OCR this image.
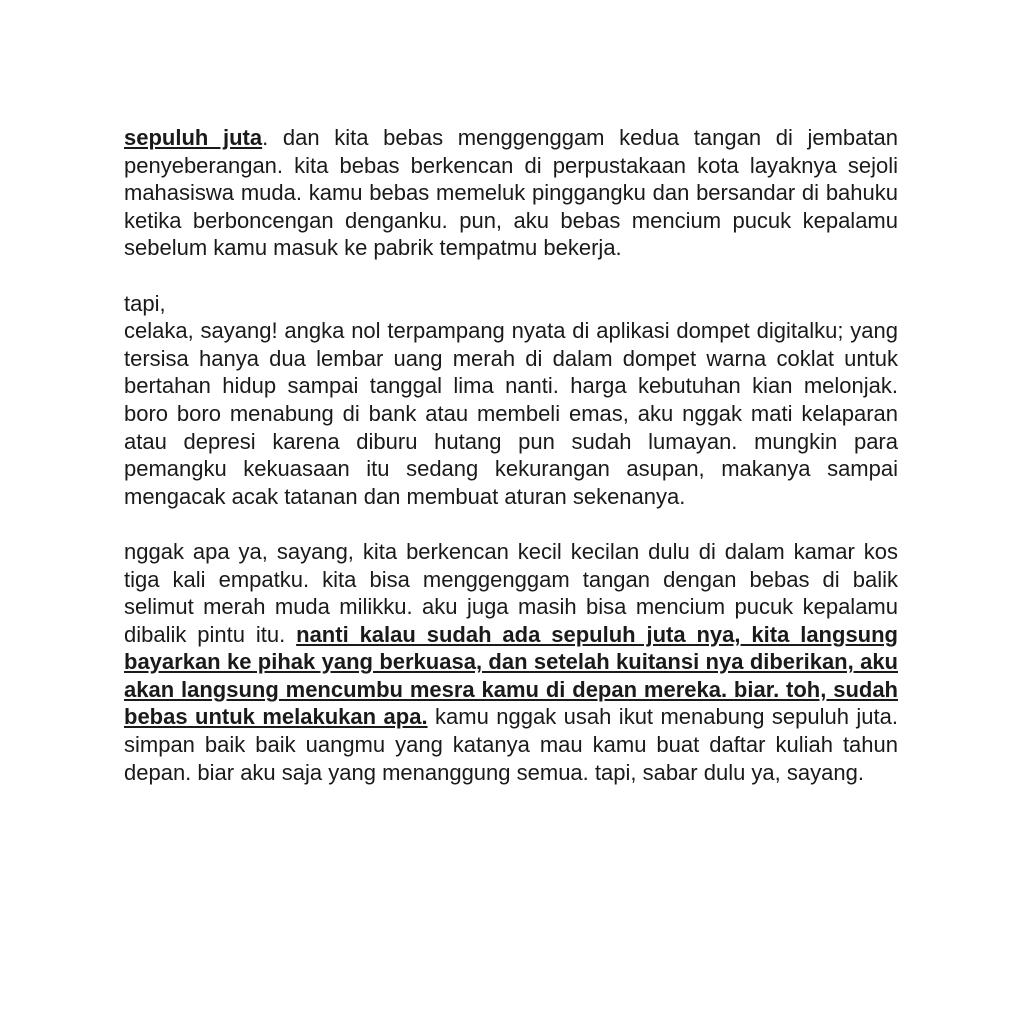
sepuluh juta. dan kita bebas menggenggam kedua tangan di jembatan penyeberangan. kita bebas berkencan di perpustakaan kota layaknya sejoli mahasiswa muda. kamu bebas memeluk pinggangku dan bersandar di bahuku ketika berboncengan denganku. pun, aku bebas mencium pucuk kepalamu sebelum kamu masuk ke pabrik tempatmu bekerja.

tapi,

celaka, sayang! angka nol terpampang nyata di aplikasi dompet digitalku; yang tersisa hanya dua lembar uang merah di dalam dompet warna coklat untuk bertahan hidup sampai tanggal lima nanti. harga kebutuhan kian melonjak. boro boro menabung di bank atau membeli emas, aku nggak mati kelaparan atau depresi karena diburu hutang pun sudah lumayan. mungkin para pemangku kekuasaan itu sedang kekurangan asupan, makanya sampai mengacak acak tatanan dan membuat aturan sekenanya.

nggak apa ya, sayang, kita berkencan kecil kecilan dulu di dalam kamar kos tiga kali empatku. kita bisa menggenggam tangan dengan bebas di balik selimut merah muda milikku. aku juga masih bisa mencium pucuk kepalamu dibalik pintu itu. nanti kalau sudah ada sepuluh juta nya, kita langsung bayarkan ke pihak yang berkuasa, dan setelah kuitansi nya diberikan, aku akan langsung mencumbu mesra kamu di depan mereka. biar. toh, sudah bebas untuk melakukan apa. kamu nggak usah ikut menabung sepuluh juta. simpan baik baik uangmu yang katanya mau kamu buat daftar kuliah tahun depan. biar aku saja yang menanggung semua. tapi, sabar dulu ya, sayang.
